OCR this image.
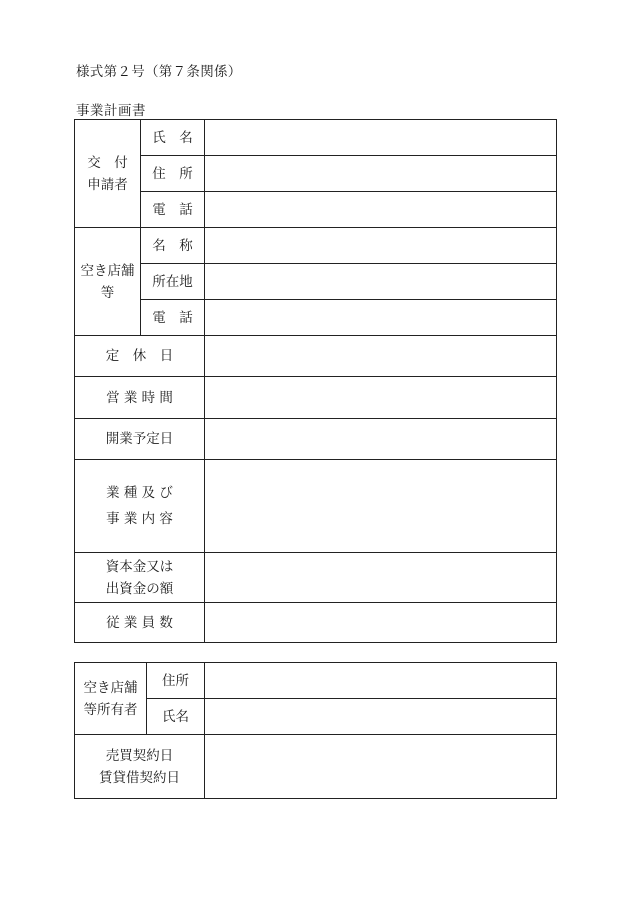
様式第２号（第７条関係）
事業計画書
交　付
申請者	氏　名	
	住　所	
	電　話	

空き店舗
等	名　称	
	所在地	
	電　話	
定　休　日		
営 業 時 間		
開業予定日		

業 種 及 び
事 業 内 容		

資本金又は
出資金の額		

従 業 員 数		
空き店舗
等所有者	住所	
	氏名	

売買契約日
賃貸借契約日		
